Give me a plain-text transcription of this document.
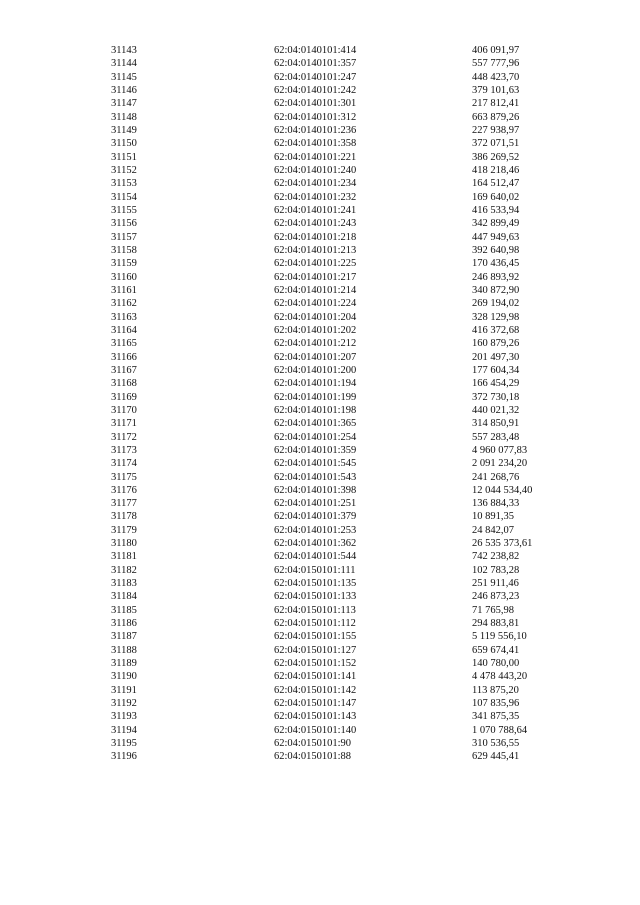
31143	62:04:0140101:414	406 091,97
31144	62:04:0140101:357	557 777,96
31145	62:04:0140101:247	448 423,70
31146	62:04:0140101:242	379 101,63
31147	62:04:0140101:301	217 812,41
31148	62:04:0140101:312	663 879,26
31149	62:04:0140101:236	227 938,97
31150	62:04:0140101:358	372 071,51
31151	62:04:0140101:221	386 269,52
31152	62:04:0140101:240	418 218,46
31153	62:04:0140101:234	164 512,47
31154	62:04:0140101:232	169 640,02
31155	62:04:0140101:241	416 533,94
31156	62:04:0140101:243	342 899,49
31157	62:04:0140101:218	447 949,63
31158	62:04:0140101:213	392 640,98
31159	62:04:0140101:225	170 436,45
31160	62:04:0140101:217	246 893,92
31161	62:04:0140101:214	340 872,90
31162	62:04:0140101:224	269 194,02
31163	62:04:0140101:204	328 129,98
31164	62:04:0140101:202	416 372,68
31165	62:04:0140101:212	160 879,26
31166	62:04:0140101:207	201 497,30
31167	62:04:0140101:200	177 604,34
31168	62:04:0140101:194	166 454,29
31169	62:04:0140101:199	372 730,18
31170	62:04:0140101:198	440 021,32
31171	62:04:0140101:365	314 850,91
31172	62:04:0140101:254	557 283,48
31173	62:04:0140101:359	4 960 077,83
31174	62:04:0140101:545	2 091 234,20
31175	62:04:0140101:543	241 268,76
31176	62:04:0140101:398	12 044 534,40
31177	62:04:0140101:251	136 884,33
31178	62:04:0140101:379	10 891,35
31179	62:04:0140101:253	24 842,07
31180	62:04:0140101:362	26 535 373,61
31181	62:04:0140101:544	742 238,82
31182	62:04:0150101:111	102 783,28
31183	62:04:0150101:135	251 911,46
31184	62:04:0150101:133	246 873,23
31185	62:04:0150101:113	71 765,98
31186	62:04:0150101:112	294 883,81
31187	62:04:0150101:155	5 119 556,10
31188	62:04:0150101:127	659 674,41
31189	62:04:0150101:152	140 780,00
31190	62:04:0150101:141	4 478 443,20
31191	62:04:0150101:142	113 875,20
31192	62:04:0150101:147	107 835,96
31193	62:04:0150101:143	341 875,35
31194	62:04:0150101:140	1 070 788,64
31195	62:04:0150101:90	310 536,55
31196	62:04:0150101:88	629 445,41
